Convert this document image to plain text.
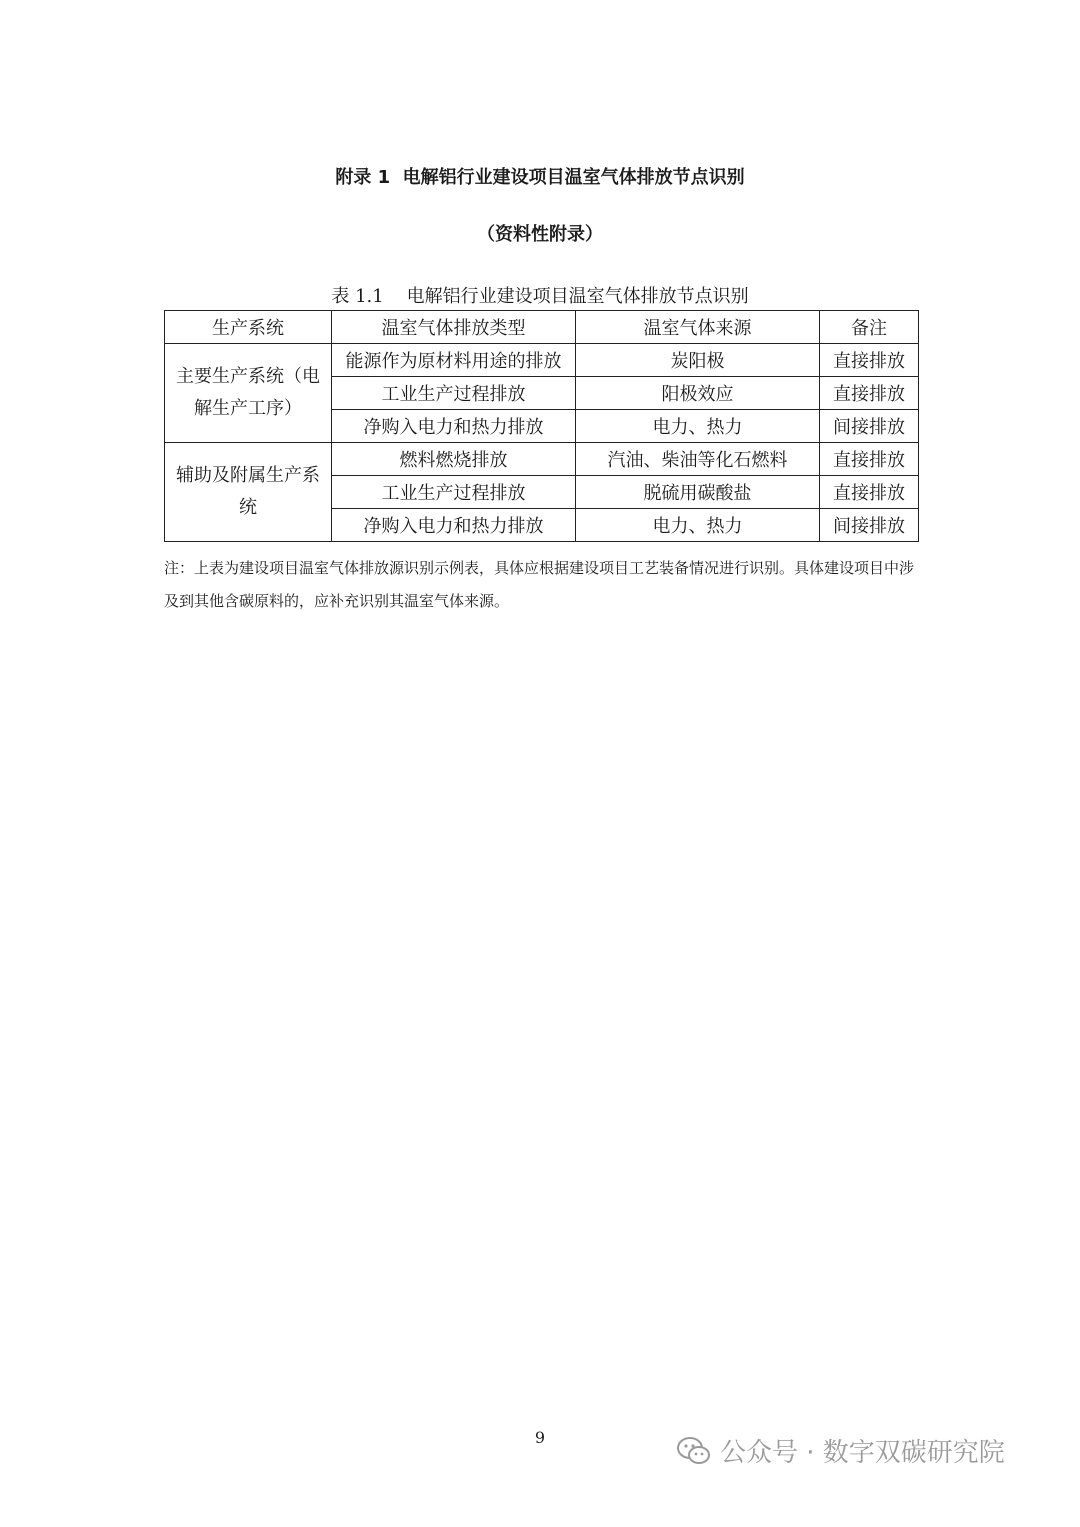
附录 1  电解铝行业建设项目温室气体排放节点识别
（资料性附录）
表 1.1    电解铝行业建设项目温室气体排放节点识别
生产系统	温室气体排放类型	温室气体来源	备注
主要生产系统（电解生产工序）	能源作为原材料用途的排放	炭阳极	直接排放
	工业生产过程排放	阳极效应	直接排放
	净购入电力和热力排放	电力、热力	间接排放
辅助及附属生产系统	燃料燃烧排放	汽油、柴油等化石燃料	直接排放
	工业生产过程排放	脱硫用碳酸盐	直接排放
	净购入电力和热力排放	电力、热力	间接排放
注：上表为建设项目温室气体排放源识别示例表，具体应根据建设项目工艺装备情况进行识别。具体建设项目中涉及到其他含碳原料的，应补充识别其温室气体来源。
9
公众号 · 数字双碳研究院
